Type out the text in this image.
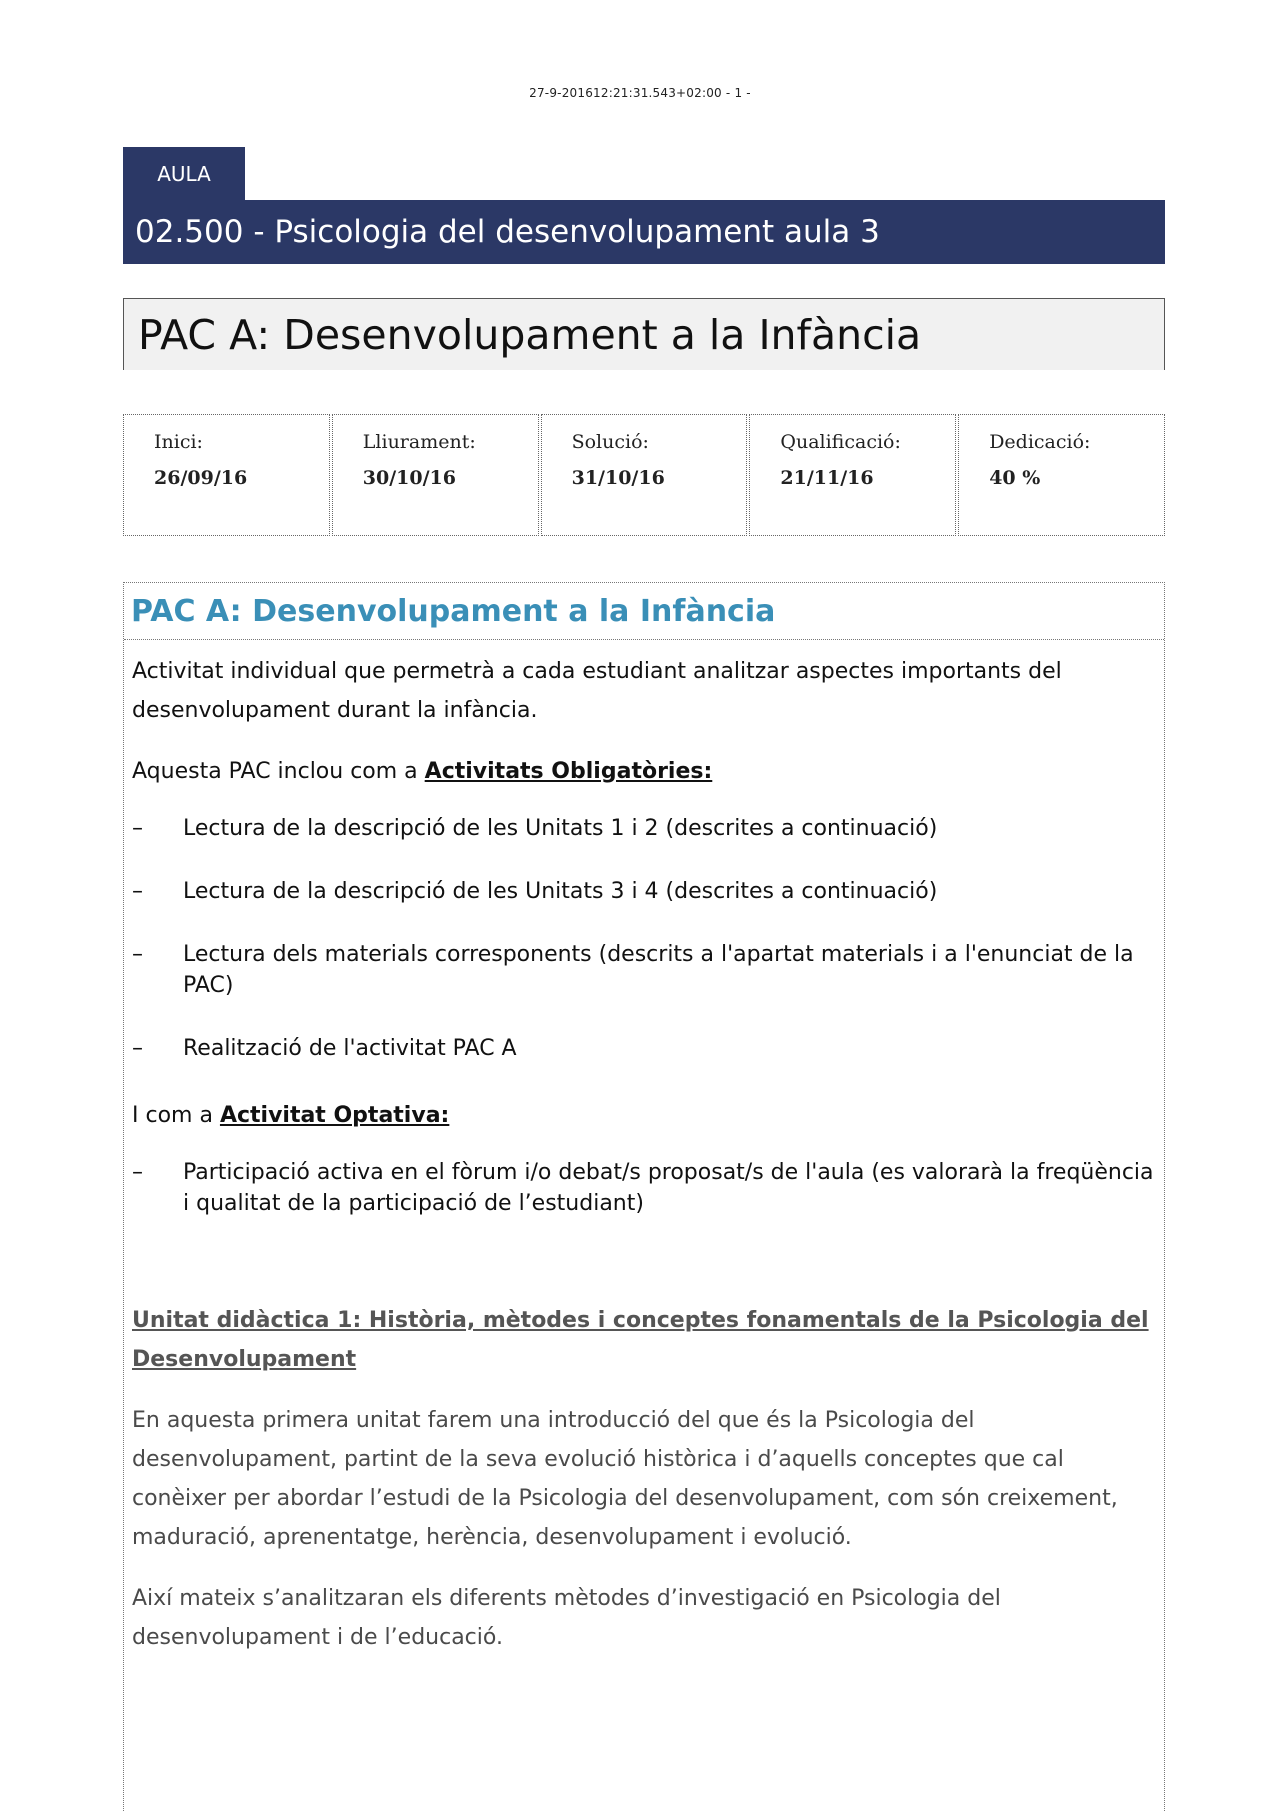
27-9-201612:21:31.543+02:00 - 1 -
AULA
02.500 - Psicologia del desenvolupament aula 3
PAC A: Desenvolupament a la Infància
Inici:
26/09/16
Lliurament:
30/10/16
Solució:
31/10/16
Qualificació:
21/11/16
Dedicació:
40 %
PAC A: Desenvolupament a la Infància

Activitat individual que permetrà a cada estudiant analitzar aspectes importants del desenvolupament durant la infància.

Aquesta PAC inclou com a Activitats Obligatòries:

– Lectura de la descripció de les Unitats 1 i 2 (descrites a continuació)
– Lectura de la descripció de les Unitats 3 i 4 (descrites a continuació)
– Lectura dels materials corresponents (descrits a l'apartat materials i a l'enunciat de la PAC)
– Realització de l'activitat PAC A

I com a Activitat Optativa:

– Participació activa en el fòrum i/o debat/s proposat/s de l'aula (es valorarà la freqüència i qualitat de la participació de l’estudiant)

Unitat didàctica 1: Història, mètodes i conceptes fonamentals de la Psicologia del Desenvolupament

En aquesta primera unitat farem una introducció del que és la Psicologia del desenvolupament, partint de la seva evolució històrica i d’aquells conceptes que cal conèixer per abordar l’estudi de la Psicologia del desenvolupament, com són creixement, maduració, aprenentatge, herència, desenvolupament i evolució.

Així mateix s’analitzaran els diferents mètodes d’investigació en Psicologia del desenvolupament i de l’educació.
